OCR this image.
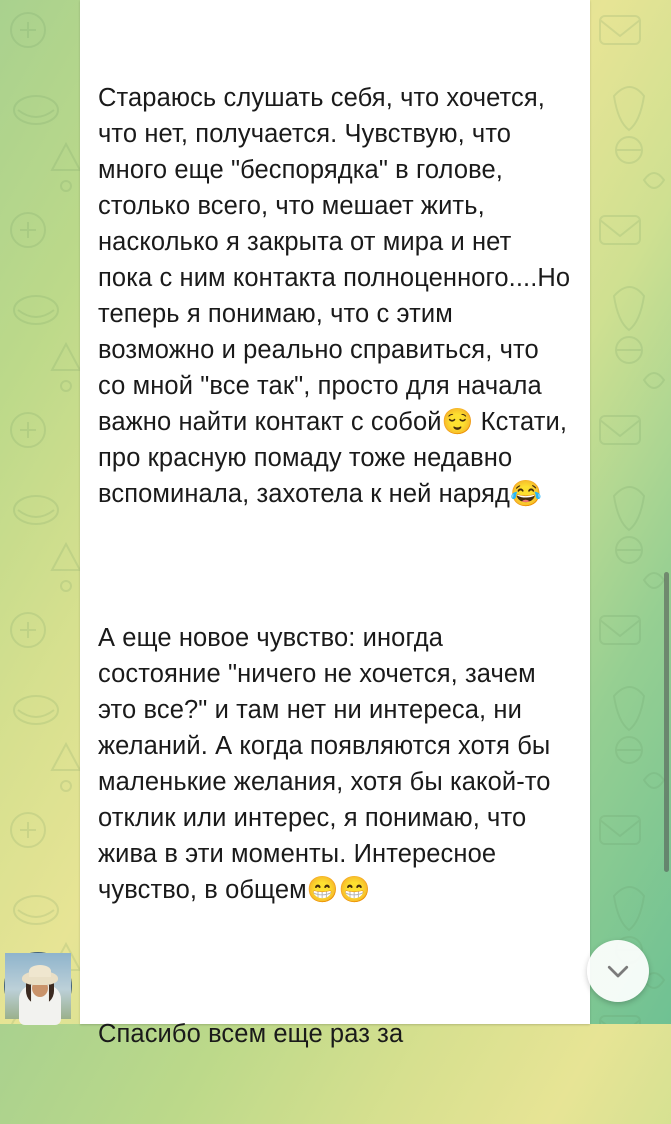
Стараюсь слушать себя, что хочется, что нет, получается. Чувствую, что много еще "беспорядка" в голове, столько всего, что мешает жить, насколько я закрыта от мира и нет пока с ним контакта полноценного....Но теперь я понимаю, что с этим возможно и реально справиться, что со мной "все так", просто для начала важно найти контакт с собой😌 Кстати, про красную помаду тоже недавно вспоминала, захотела к ней наряд😂

А еще новое чувство: иногда состояние "ничего не хочется, зачем это все?" и там нет ни интереса, ни желаний. А когда появляются хотя бы маленькие желания, хотя бы какой-то отклик или интерес, я понимаю, что жива в эти моменты. Интересное чувство, в общем😁😁

Спасибо всем еще раз за
